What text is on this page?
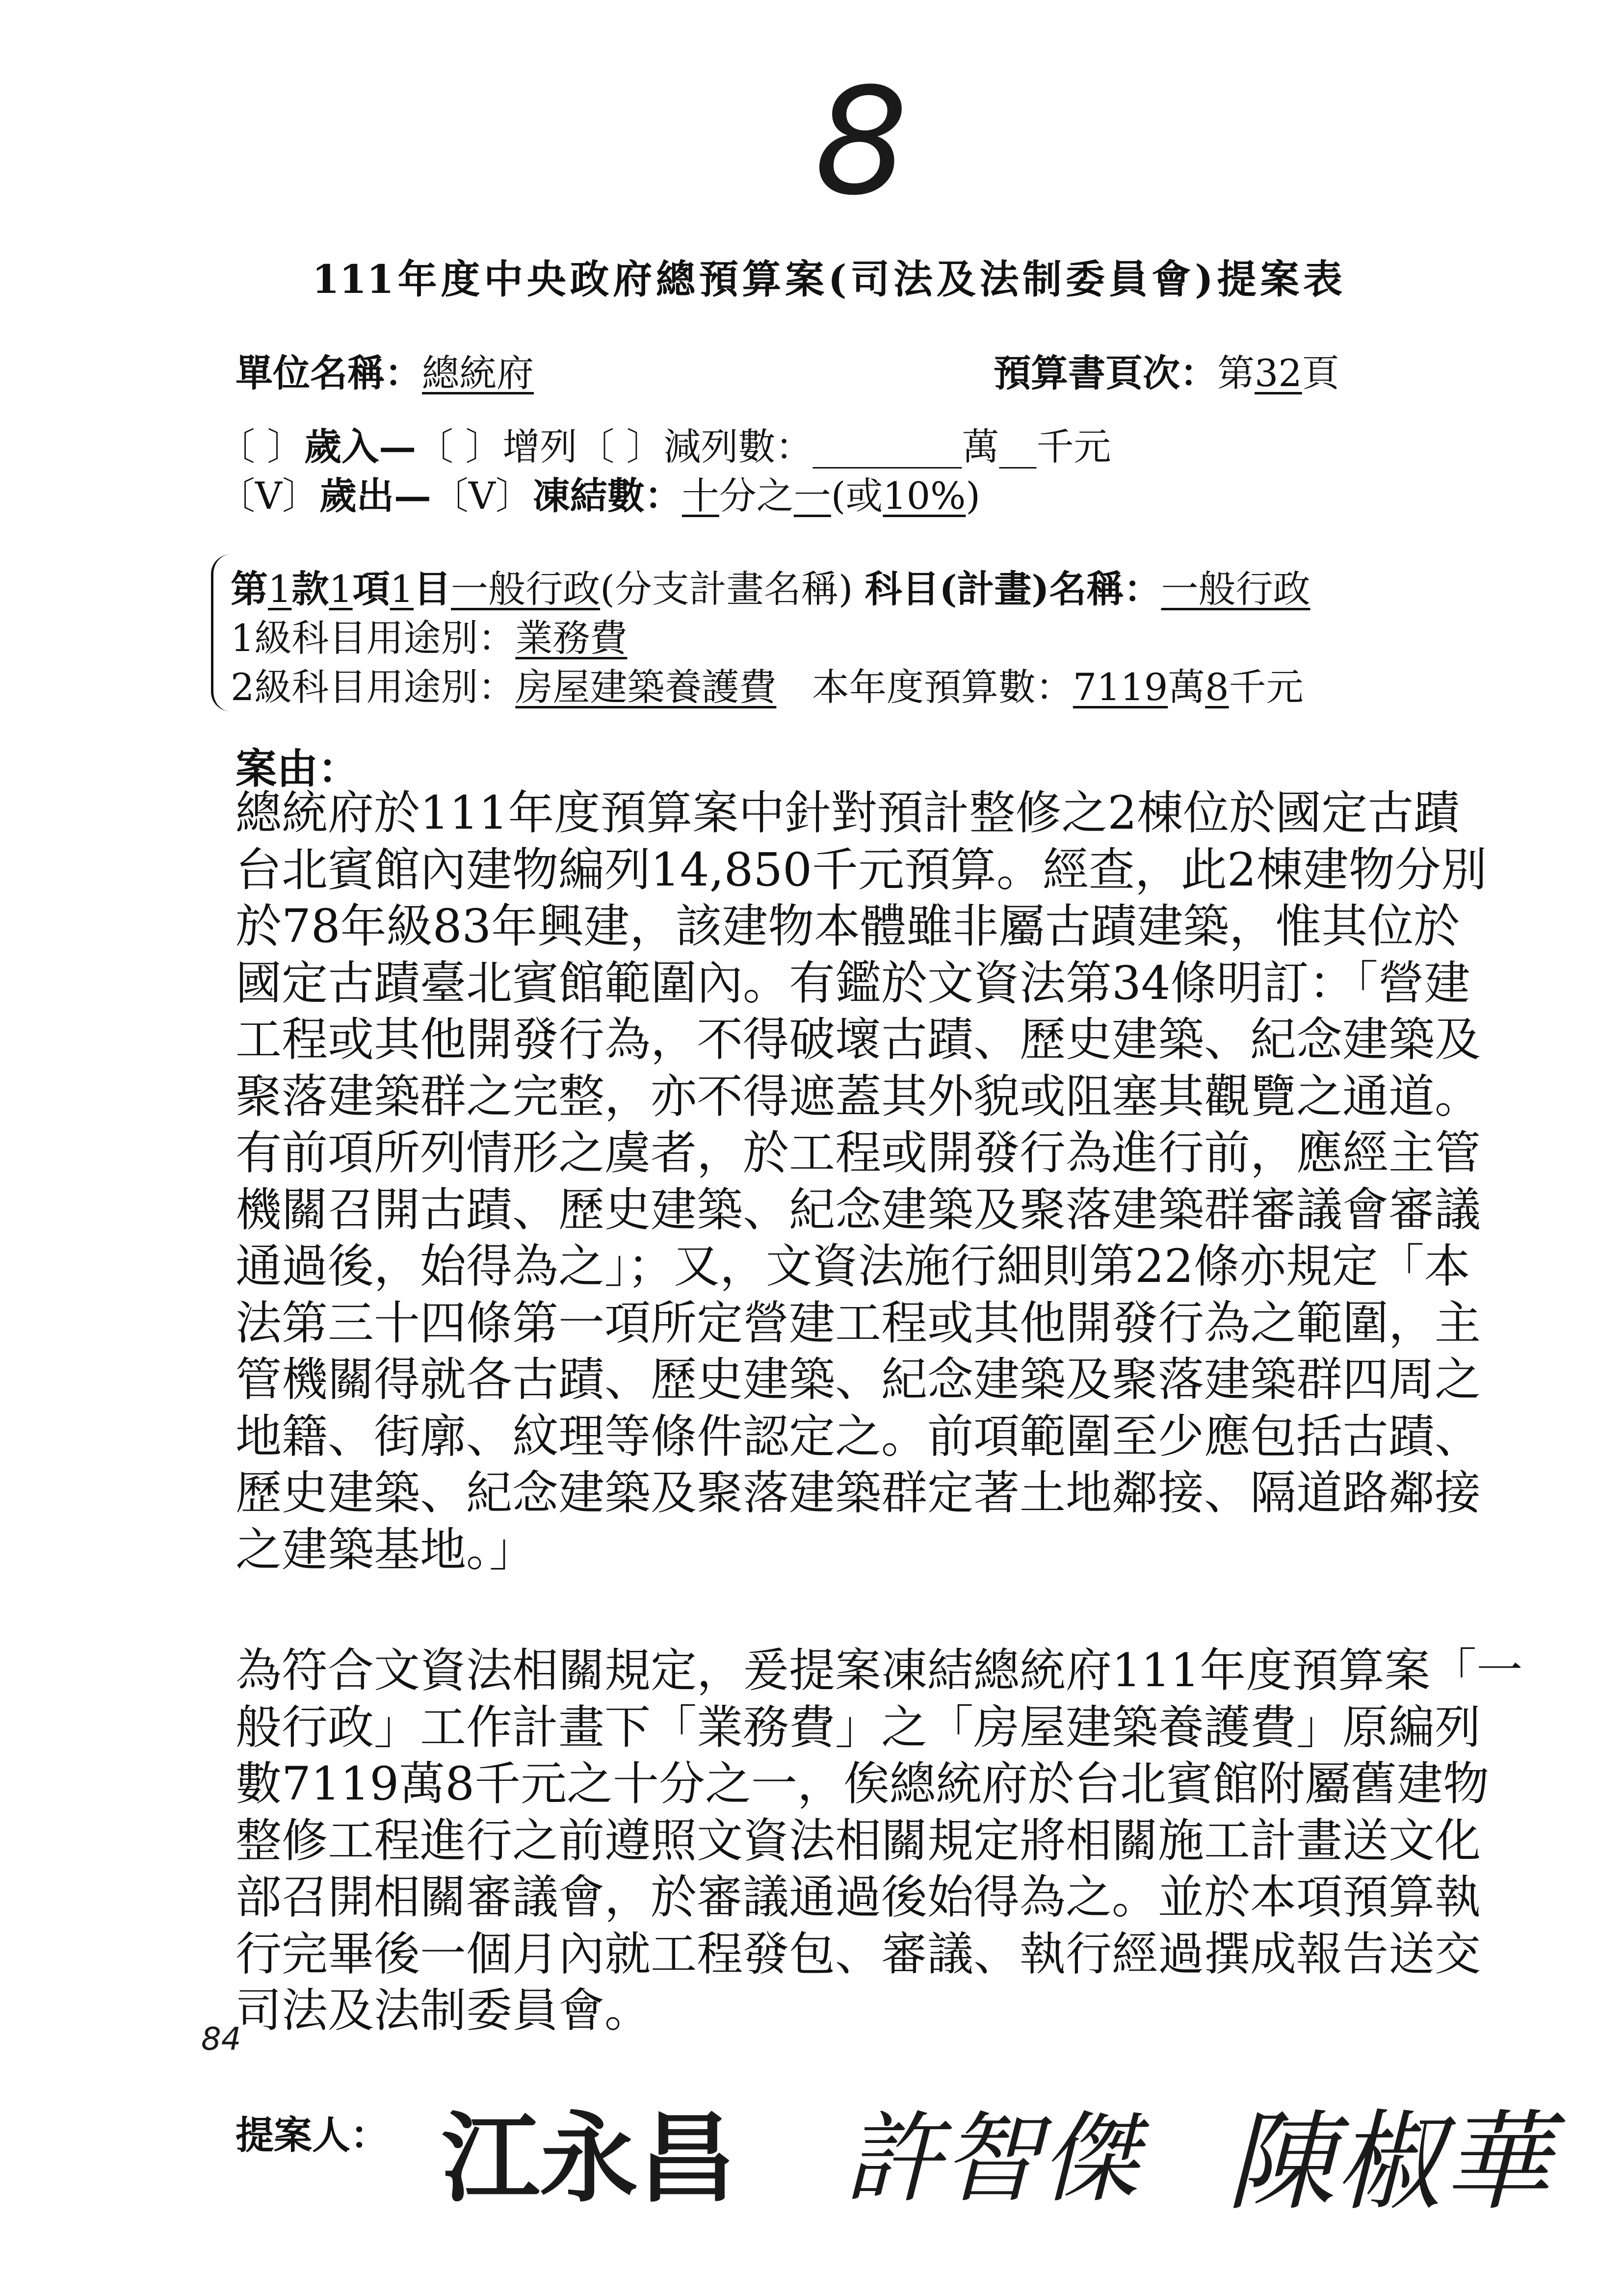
8
111年度中央政府總預算案(司法及法制委員會)提案表
單位名稱：總統府	預算書頁次：第32頁
〔 〕歲入—〔 〕增列〔 〕減列數：________萬__千元
〔V〕歲出—〔V〕凍結數：十分之一(或10%)
第1款1項1目一般行政(分支計畫名稱) 科目(計畫)名稱：一般行政
1級科目用途別：業務費
2級科目用途別：房屋建築養護費 本年度預算數：7119萬8千元
案由：
總統府於111年度預算案中針對預計整修之2棟位於國定古蹟
台北賓館內建物編列14,850千元預算。經查，此2棟建物分別
於78年級83年興建，該建物本體雖非屬古蹟建築，惟其位於
國定古蹟臺北賓館範圍內。有鑑於文資法第34條明訂：「營建
工程或其他開發行為，不得破壞古蹟、歷史建築、紀念建築及
聚落建築群之完整，亦不得遮蓋其外貌或阻塞其觀覽之通道。
有前項所列情形之虞者，於工程或開發行為進行前，應經主管
機關召開古蹟、歷史建築、紀念建築及聚落建築群審議會審議
通過後，始得為之」；又，文資法施行細則第22條亦規定「本
法第三十四條第一項所定營建工程或其他開發行為之範圍，主
管機關得就各古蹟、歷史建築、紀念建築及聚落建築群四周之
地籍、街廓、紋理等條件認定之。前項範圍至少應包括古蹟、
歷史建築、紀念建築及聚落建築群定著土地鄰接、隔道路鄰接
之建築基地。」
為符合文資法相關規定，爰提案凍結總統府111年度預算案「一
般行政」工作計畫下「業務費」之「房屋建築養護費」原編列
數7119萬8千元之十分之一，俟總統府於台北賓館附屬舊建物
整修工程進行之前遵照文資法相關規定將相關施工計畫送文化
部召開相關審議會，於審議通過後始得為之。並於本項預算執
行完畢後一個月內就工程發包、審議、執行經過撰成報告送交
司法及法制委員會。
84
提案人： 江永昌 許智傑 陳椒華
